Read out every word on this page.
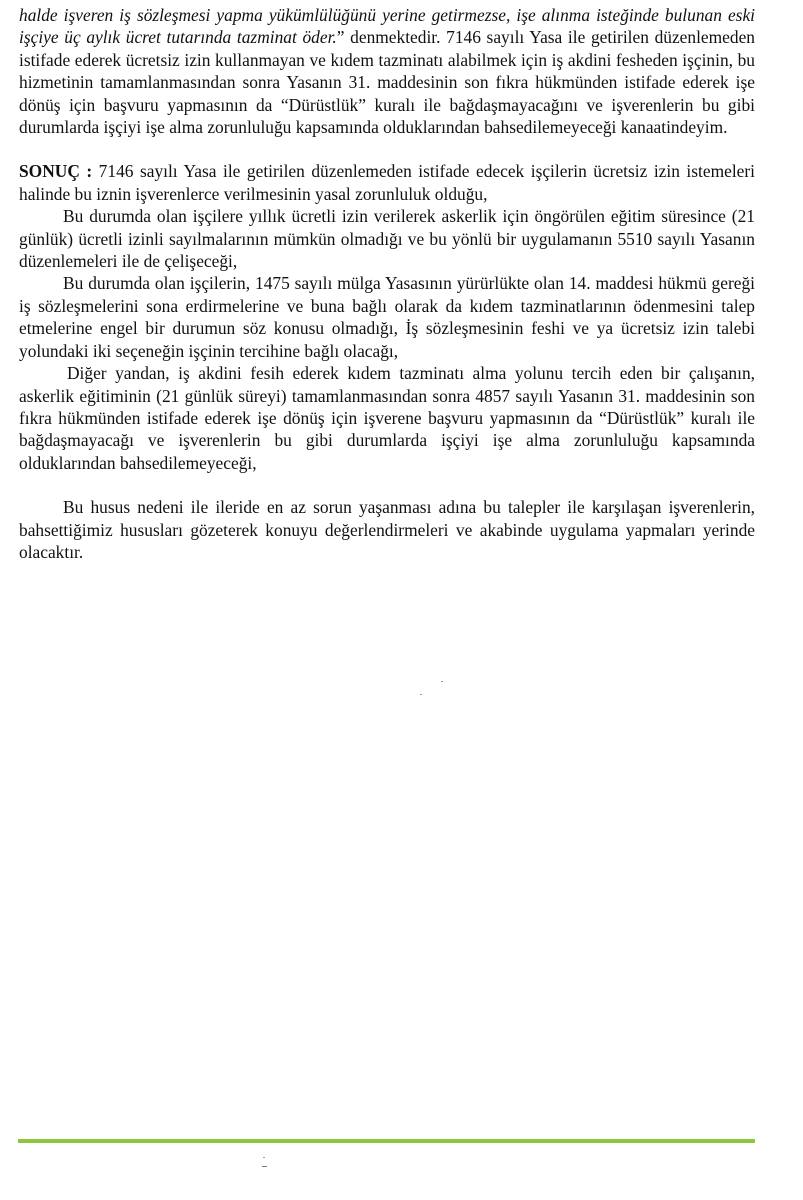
halde işveren iş sözleşmesi yapma yükümlülüğünü yerine getirmezse, işe alınma isteğinde bulunan eski işçiye üç aylık ücret tutarında tazminat öder.” denmektedir. 7146 sayılı Yasa ile getirilen düzenlemeden istifade ederek ücretsiz izin kullanmayan ve kıdem tazminatı alabilmek için iş akdini fesheden işçinin, bu hizmetinin tamamlanmasından sonra Yasanın 31. maddesinin son fıkra hükmünden istifade ederek işe dönüş için başvuru yapmasının da “Dürüstlük” kuralı ile bağdaşmayacağını ve işverenlerin bu gibi durumlarda işçiyi işe alma zorunluluğu kapsamında olduklarından bahsedilemeyeceği kanaatindeyim.

SONUÇ : 7146 sayılı Yasa ile getirilen düzenlemeden istifade edecek işçilerin ücretsiz izin istemeleri halinde bu iznin işverenlerce verilmesinin yasal zorunluluk olduğu,

Bu durumda olan işçilere yıllık ücretli izin verilerek askerlik için öngörülen eğitim süresince (21 günlük) ücretli izinli sayılmalarının mümkün olmadığı ve bu yönlü bir uygulamanın 5510 sayılı Yasanın düzenlemeleri ile de çelişeceği,

Bu durumda olan işçilerin, 1475 sayılı mülga Yasasının yürürlükte olan 14. maddesi hükmü gereği iş sözleşmelerini sona erdirmelerine ve buna bağlı olarak da kıdem tazminatlarının ödenmesini talep etmelerine engel bir durumun söz konusu olmadığı, İş sözleşmesinin feshi ve ya ücretsiz izin talebi yolundaki iki seçeneğin işçinin tercihine bağlı olacağı,

Diğer yandan, iş akdini fesih ederek kıdem tazminatı alma yolunu tercih eden bir çalışanın, askerlik eğitiminin (21 günlük süreyi) tamamlanmasından sonra 4857 sayılı Yasanın 31. maddesinin son fıkra hükmünden istifade ederek işe dönüş için işverene başvuru yapmasının da “Dürüstlük” kuralı ile bağdaşmayacağı ve işverenlerin bu gibi durumlarda işçiyi işe alma zorunluluğu kapsamında olduklarından bahsedilemeyeceği,

Bu husus nedeni ile ileride en az sorun yaşanması adına bu talepler ile karşılaşan işverenlerin, bahsettiğimiz hususları gözeterek konuyu değerlendirmeleri ve akabinde uygulama yapmaları yerinde olacaktır.
